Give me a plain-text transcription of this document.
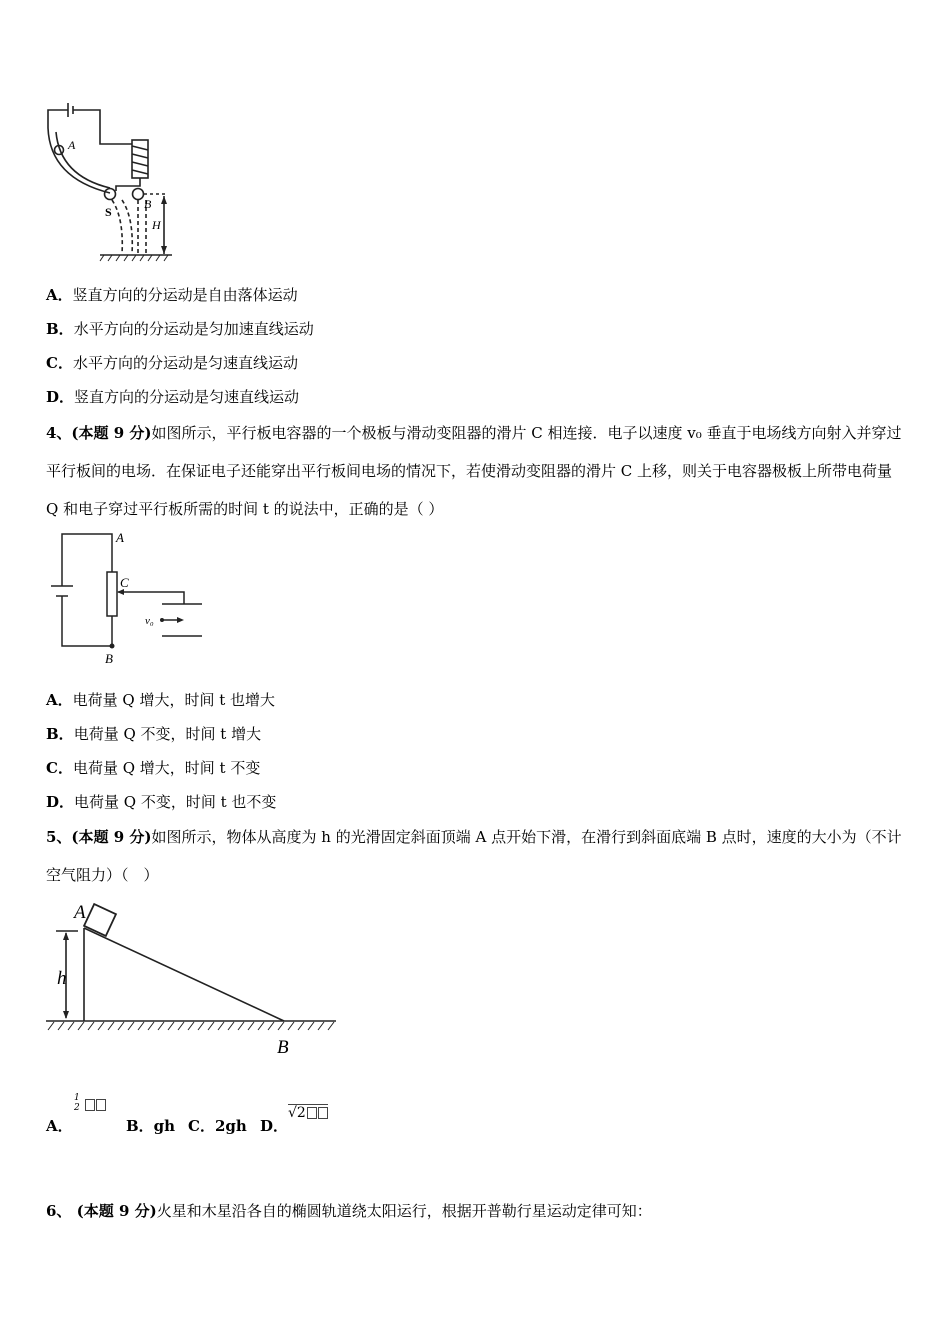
A
S
B
H
A．竖直方向的分运动是自由落体运动
B．水平方向的分运动是匀加速直线运动
C．水平方向的分运动是匀速直线运动
D．竖直方向的分运动是匀速直线运动
4、(本题 9 分)如图所示，平行板电容器的一个极板与滑动变阻器的滑片 C 相连接．电子以速度 v₀ 垂直于电场线方向射入并穿过平行板间的电场．在保证电子还能穿出平行板间电场的情况下，若使滑动变阻器的滑片 C 上移，则关于电容器极板上所带电荷量 Q 和电子穿过平行板所需的时间 t 的说法中，正确的是（ ）
A
C
B
v₀
A．电荷量 Q 增大，时间 t 也增大
B．电荷量 Q 不变，时间 t 增大
C．电荷量 Q 增大，时间 t 不变
D．电荷量 Q 不变，时间 t 也不变
5、(本题 9 分)如图所示，物体从高度为 h 的光滑固定斜面顶端 A 点开始下滑，在滑行到斜面底端 B 点时，速度的大小为（不计空气阻力）（　）
A
h
B
A．
1
2
B．gh C．2gh D．
√2
6、 (本题 9 分)火星和木星沿各自的椭圆轨道绕太阳运行，根据开普勒行星运动定律可知：
